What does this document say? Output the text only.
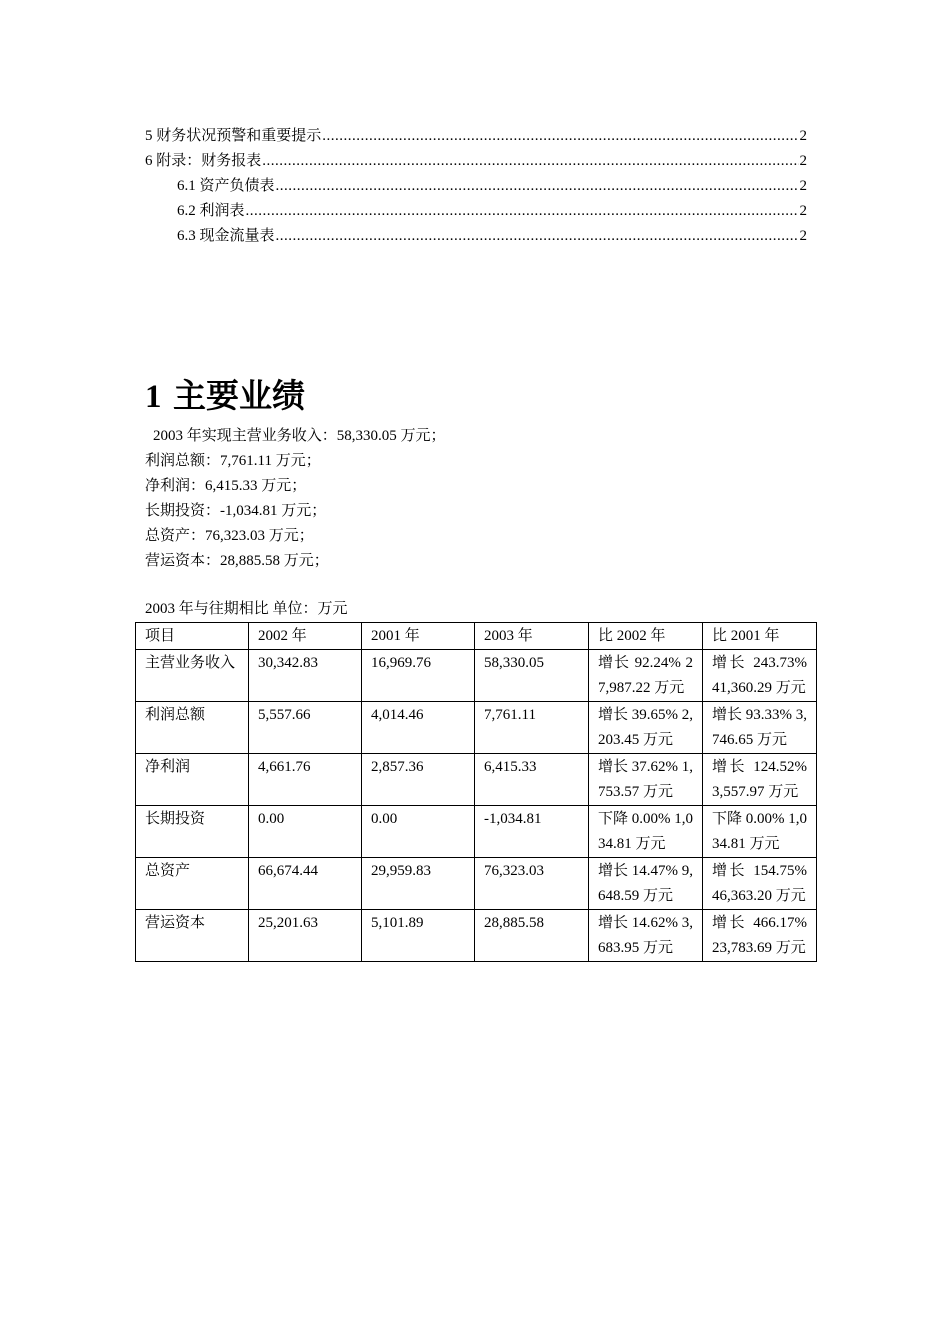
5 财务状况预警和重要提示 .....	2
6 附录：财务报表 .....	2
6.1 资产负债表 .....	2
6.2 利润表 .....	2
6.3 现金流量表 .....	2
1 主要业绩

2003 年实现主营业务收入：58,330.05 万元；

利润总额：7,761.11 万元；

净利润：6,415.33 万元；

长期投资：-1,034.81 万元；

总资产：76,323.03 万元；

营运资本：28,885.58 万元；

2003 年与往期相比 单位：万元
项目	2002 年	2001 年	2003 年	比 2002 年	比 2001 年
主营业务收入	30,342.83	16,969.76	58,330.05	增长 92.24% 27,987.22 万元	增长 243.73% 41,360.29 万元
利润总额	5,557.66	4,014.46	7,761.11	增长 39.65% 2,203.45 万元	增长 93.33% 3,746.65 万元
净利润	4,661.76	2,857.36	6,415.33	增长 37.62% 1,753.57 万元	增长 124.52% 3,557.97 万元
长期投资	0.00	0.00	-1,034.81	下降 0.00% 1,034.81 万元	下降 0.00% 1,034.81 万元
总资产	66,674.44	29,959.83	76,323.03	增长 14.47% 9,648.59 万元	增长 154.75% 46,363.20 万元
营运资本	25,201.63	5,101.89	28,885.58	增长 14.62% 3,683.95 万元	增长 466.17% 23,783.69 万元
